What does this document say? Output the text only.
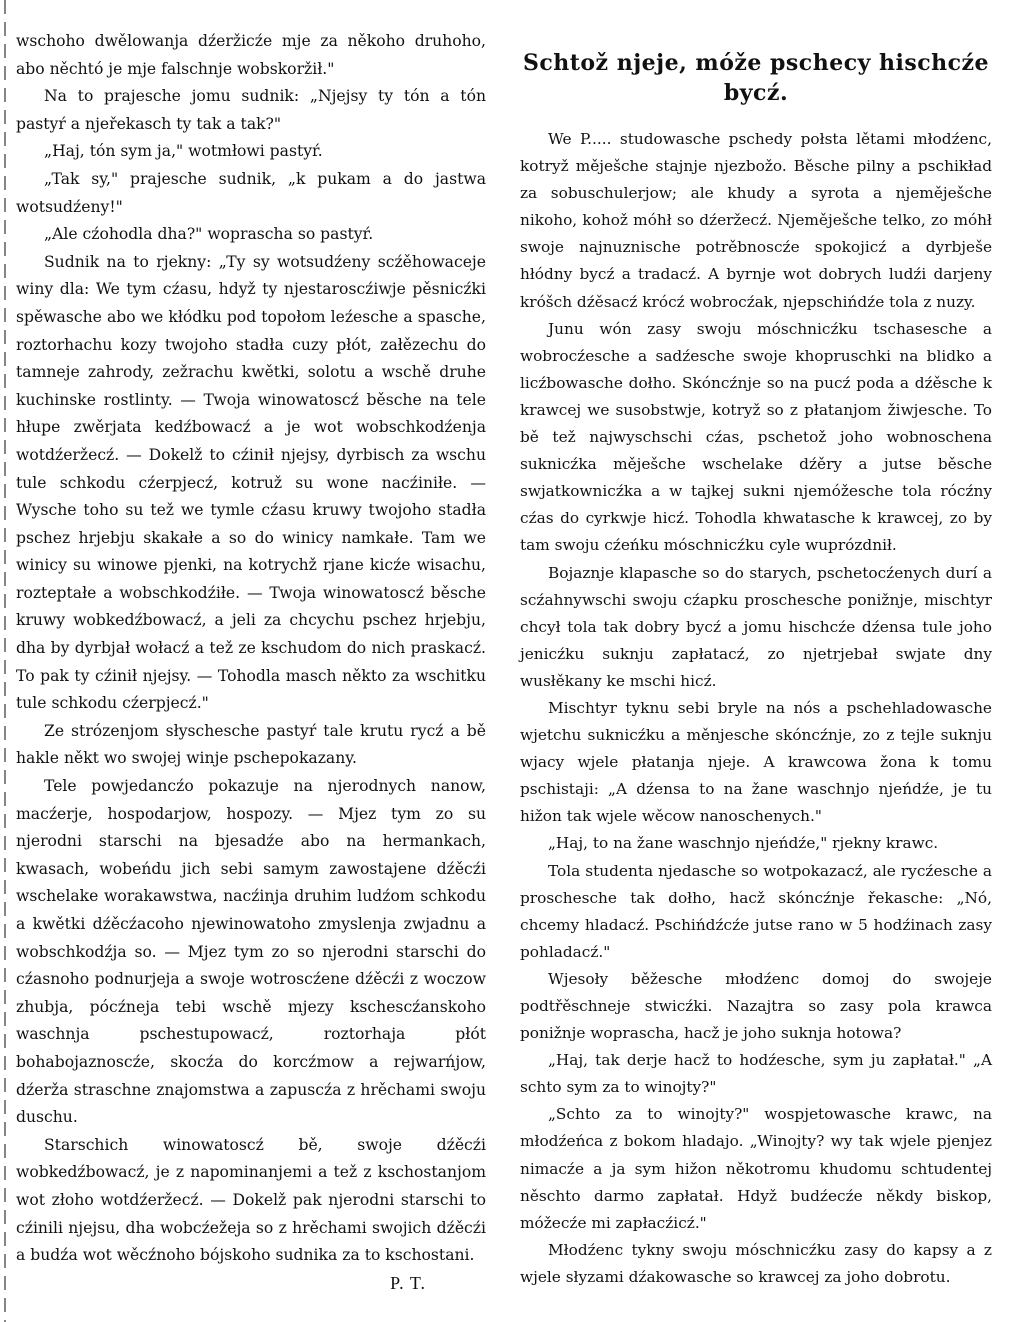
wschoho dwělowanja dźeržicźe mje za někoho druhoho, abo něchtó je mje falschnje wobskoržił."

Na to prajesche jomu sudnik: „Njejsy ty tón a tón pastyŕ a njeřekasch ty tak a tak?"

„Haj, tón sym ja," wotmłowi pastyŕ.

„Tak sy," prajesche sudnik, „k pukam a do jastwa wotsudźeny!"

„Ale cźohodla dha?" woprascha so pastyŕ.

Sudnik na to rjekny: „Ty sy wotsudźeny scźěhowaceje winy dla: We tym cźasu, hdyž ty njestaroscźiwje pěsnicźki spěwasche abo we kłódku pod topołom leźesche a spasche, roztorhachu kozy twojoho stadła cuzy płót, załězechu do tamneje zahrody, zežrachu kwětki, solotu a wschě druhe kuchinske rostlinty. — Twoja winowatoscź běsche na tele hłupe zwěrjata kedźbowacź a je wot wobschkodźenja wotdźeržecź. — Dokelž to cźinił njejsy, dyrbisch za wschu tule schkodu cźerpjecź, kotruž su wone nacźiniłe. — Wysche toho su tež we tymle cźasu kruwy twojoho stadła pschez hrjebju skakałe a so do winicy namkałe. Tam we winicy su winowe pjenki, na kotrychž rjane kicźe wisachu, rozteptałe a wobschkodźiłe. — Twoja winowatoscź běsche kruwy wobkedźbowacź, a jeli za chcychu pschez hrjebju, dha by dyrbjał wołacź a tež ze kschudom do nich praskacź. To pak ty cźinił njejsy. — Tohodla masch někto za wschitku tule schkodu cźerpjecź."

Ze strózenjom słyschesche pastyŕ tale krutu rycź a bě hakle někt wo swojej winje pschepokazany.

Tele powjedancźo pokazuje na njerodnych nanow, macźerje, hospodarjow, hospozy. — Mjez tym zo su njerodni starschi na bjesadźe abo na hermankach, kwasach, wobeńdu jich sebi samym zawostajene dźěcźi wschelake worakawstwa, nacźinja druhim ludźom schkodu a kwětki dźěcźacoho njewinowatoho zmyslenja zwjadnu a wobschkodźja so. — Mjez tym zo so njerodni starschi do cźasnoho podnurjeja a swoje wotroscźene dźěcźi z woczow zhubja, pócźneja tebi wschě mjezy kschescźanskoho waschnja pschestupowacź, roztorhaja płót bohabojaznoscźe, skocźa do korcźmow a rejwarńjow, dźerža straschne znajomstwa a zapuscźa z hrěchami swoju duschu.

Starschich winowatoscź bě, swoje dźěcźi wobkedźbowacź, je z napominanjemi a tež z kschostanjom wot złoho wotdźeržecź. — Dokelž pak njerodni starschi to cźinili njejsu, dha wobcźežeja so z hrěchami swojich dźěcźi a budźa wot wěcźnoho bójskoho sudnika za to kschostani.

P. T.

Schtož njeje, móže pschecy hischcźe bycź.

We P..... studowasche pschedy połsta lětami młodźenc, kotryž měješche stajnje njezbožo. Běsche pilny a pschikład za sobuschulerjow; ale khudy a syrota a njeměješche nikoho, kohož móhł so dźeržecź. Njeměješche telko, zo móhł swoje najnuznische potrěbnoscźe spokojicź a dyrbješe hłódny bycź a tradacź. A byrnje wot dobrych ludźi darjeny króšch dźěsacź krócź wobrocźak, njepschińdźe tola z nuzy.

Junu wón zasy swoju móschnicźku tschasesche a wobrocźesche a sadźesche swoje khopruschki na blidko a licźbowasche dołho. Skóncźnje so na pucź poda a dźěsche k krawcej we susobstwje, kotryž so z płatanjom žiwjesche. To bě tež najwyschschi cźas, pschetož joho wobnoschena suknicźka měješche wschelake dźěry a jutse běsche swjatkownicźka a w tajkej sukni njemóžesche tola rócźny cźas do cyrkwje hicź. Tohodla khwatasche k krawcej, zo by tam swoju cźeńku móschnicźku cyle wuprózdnił.

Bojaznje klapasche so do starych, pschetocźenych durí a scźahnywschi swoju cźapku proschesche ponižnje, mischtyr chcył tola tak dobry bycź a jomu hischcźe dźensa tule joho jenicźku suknju zapłatacź, zo njetrjebał swjate dny wusłěkany ke mschi hicź.

Mischtyr tyknu sebi bryle na nós a pschehladowasche wjetchu suknicźku a měnjesche skóncźnje, zo z tejle suknju wjacy wjele płatanja njeje. A krawcowa žona k tomu pschistaji: „A dźensa to na žane waschnjo njeńdźe, je tu hižon tak wjele wěcow nanoschenych."

„Haj, to na žane waschnjo njeńdźe," rjekny krawc.

Tola studenta njedasche so wotpokazacź, ale rycźesche a proschesche tak dołho, hacž skóncźnje řekasche: „Nó, chcemy hladacź. Pschińdźcźe jutse rano w 5 hodźinach zasy pohladacź."

Wjesoły běžesche młodźenc domoj do swojeje podtřěschneje stwicźki. Nazajtra so zasy pola krawca ponižnje woprascha, hacž je joho suknja hotowa?

„Haj, tak derje hacž to hodźesche, sym ju zapłatał." „A schto sym za to winojty?"

„Schto za to winojty?" wospjetowasche krawc, na młodźeńca z bokom hladajo. „Winojty? wy tak wjele pjenjez nimacźe a ja sym hižon někotromu khudomu schtudentej něschto darmo zapłatał. Hdyž budźecźe někdy biskop, móžecźe mi zapłacźicź."

Młodźenc tykny swoju móschnicźku zasy do kapsy a z wjele słyzami dźakowasche so krawcej za joho dobrotu.
